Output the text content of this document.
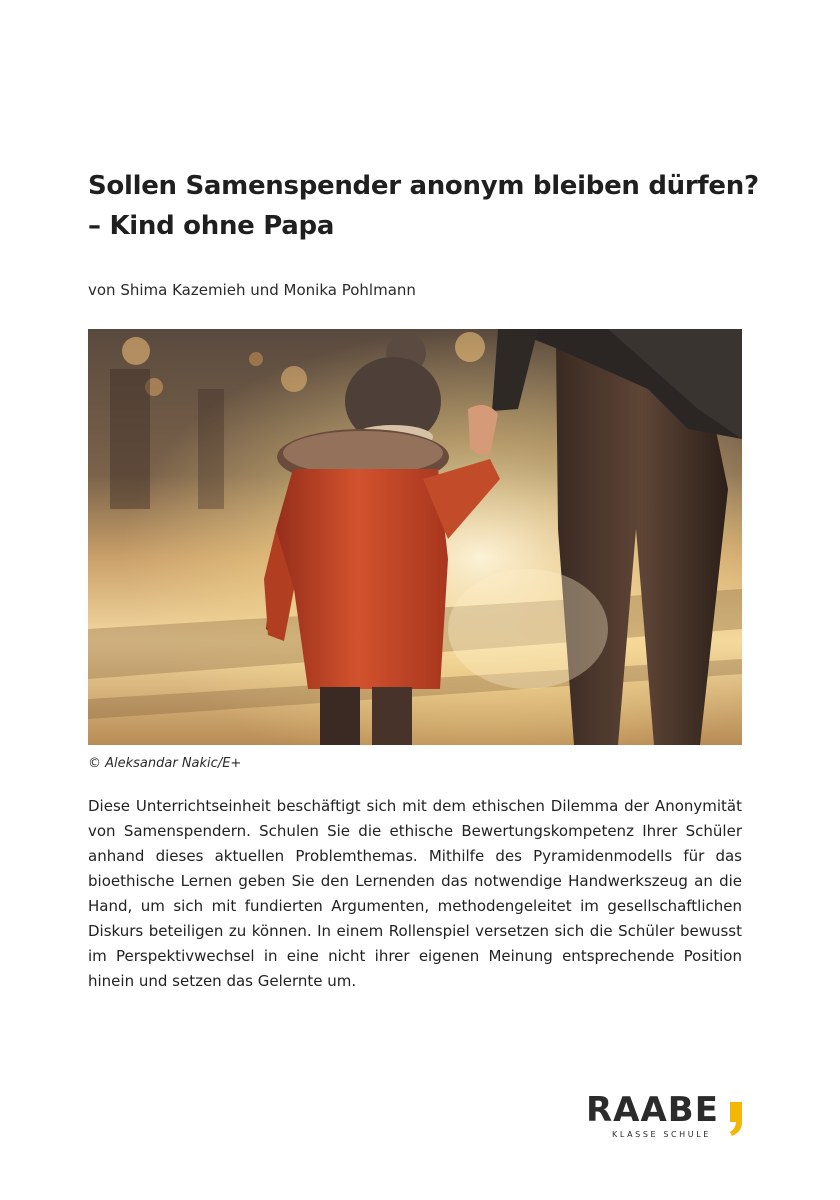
Sollen Samenspender anonym bleiben dürfen? – Kind ohne Papa

von Shima Kazemieh und Monika Pohlmann

© Aleksandar Nakic/E+

Diese Unterrichtseinheit beschäftigt sich mit dem ethischen Dilemma der Anonymität von Samenspendern. Schulen Sie die ethische Bewertungskompetenz Ihrer Schüler anhand dieses aktuellen Problemthemas. Mithilfe des Pyramidenmodells für das bioethische Lernen geben Sie den Lernenden das notwendige Handwerkszeug an die Hand, um sich mit fundierten Argumenten, methodengeleitet im gesellschaftlichen Diskurs beteiligen zu können. In einem Rollenspiel versetzen sich die Schüler bewusst im Perspektivwechsel in eine nicht ihrer eigenen Meinung entsprechende Position hinein und setzen das Gelernte um.

RAABE
KLASSE SCHULE
